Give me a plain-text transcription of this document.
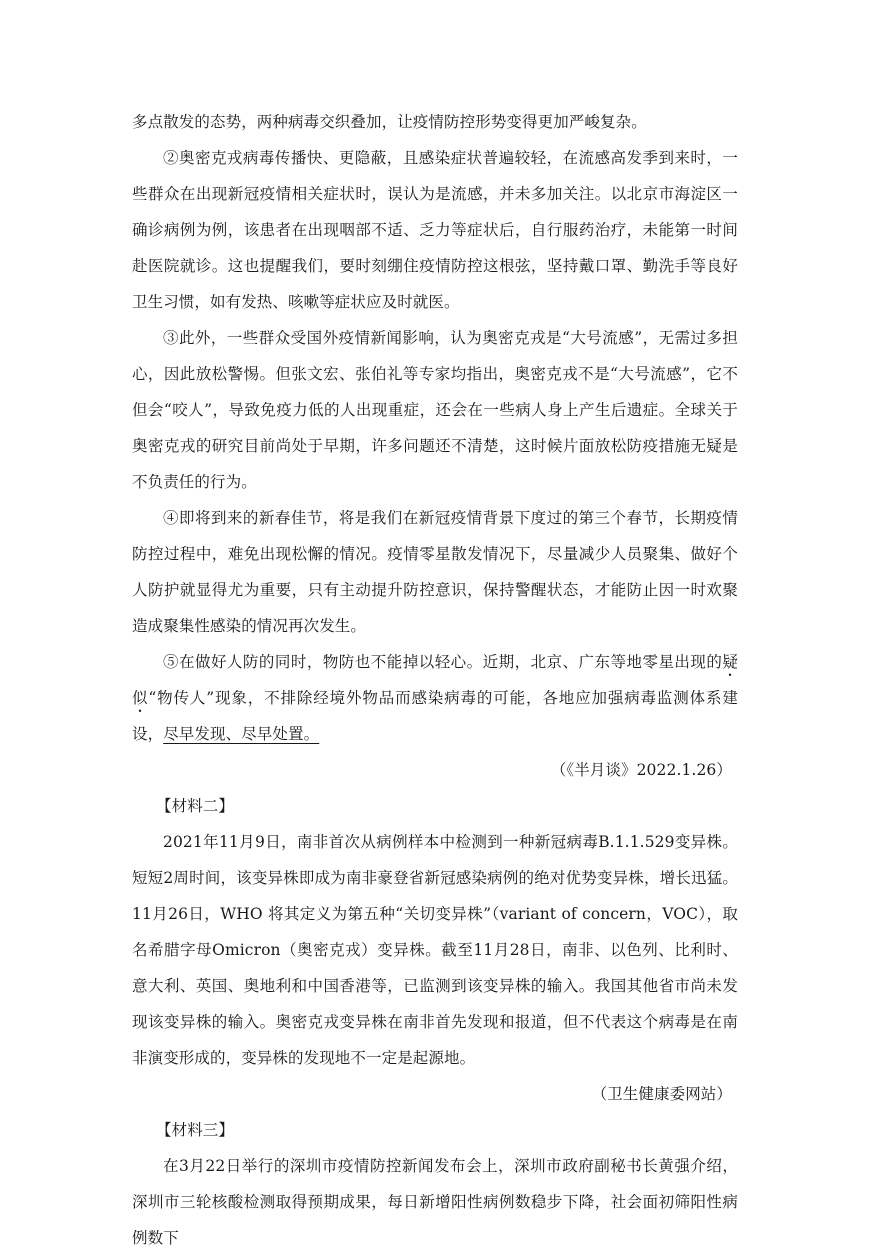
多点散发的态势，两种病毒交织叠加，让疫情防控形势变得更加严峻复杂。

②奥密克戎病毒传播快、更隐蔽，且感染症状普遍较轻，在流感高发季到来时，一些群众在出现新冠疫情相关症状时，误认为是流感，并未多加关注。以北京市海淀区一确诊病例为例，该患者在出现咽部不适、乏力等症状后，自行服药治疗，未能第一时间赴医院就诊。这也提醒我们，要时刻绷住疫情防控这根弦，坚持戴口罩、勤洗手等良好卫生习惯，如有发热、咳嗽等症状应及时就医。

③此外，一些群众受国外疫情新闻影响，认为奥密克戎是“大号流感”，无需过多担心，因此放松警惕。但张文宏、张伯礼等专家均指出，奥密克戎不是“大号流感”，它不但会“咬人”，导致免疫力低的人出现重症，还会在一些病人身上产生后遗症。全球关于奥密克戎的研究目前尚处于早期，许多问题还不清楚，这时候片面放松防疫措施无疑是不负责任的行为。

④即将到来的新春佳节，将是我们在新冠疫情背景下度过的第三个春节，长期疫情防控过程中，难免出现松懈的情况。疫情零星散发情况下，尽量减少人员聚集、做好个人防护就显得尤为重要，只有主动提升防控意识，保持警醒状态，才能防止因一时欢聚造成聚集性感染的情况再次发生。

⑤在做好人防的同时，物防也不能掉以轻心。近期，北京、广东等地零星出现的疑似“物传人”现象，不排除经境外物品而感染病毒的可能，各地应加强病毒监测体系建设，尽早发现、尽早处置。

（《半月谈》2022.1.26）

【材料二】

2021年11月9日，南非首次从病例样本中检测到一种新冠病毒B.1.1.529变异株。短短2周时间，该变异株即成为南非豪登省新冠感染病例的绝对优势变异株，增长迅猛。11月26日，WHO 将其定义为第五种“关切变异株”（variant of concern，VOC），取名希腊字母Omicron（奥密克戎）变异株。截至11月28日，南非、以色列、比利时、意大利、英国、奥地利和中国香港等，已监测到该变异株的输入。我国其他省市尚未发现该变异株的输入。奥密克戎变异株在南非首先发现和报道，但不代表这个病毒是在南非演变形成的，变异株的发现地不一定是起源地。

（卫生健康委网站）

【材料三】

在3月22日举行的深圳市疫情防控新闻发布会上，深圳市政府副秘书长黄强介绍，深圳市三轮核酸检测取得预期成果，每日新增阳性病例数稳步下降，社会面初筛阳性病例数下
